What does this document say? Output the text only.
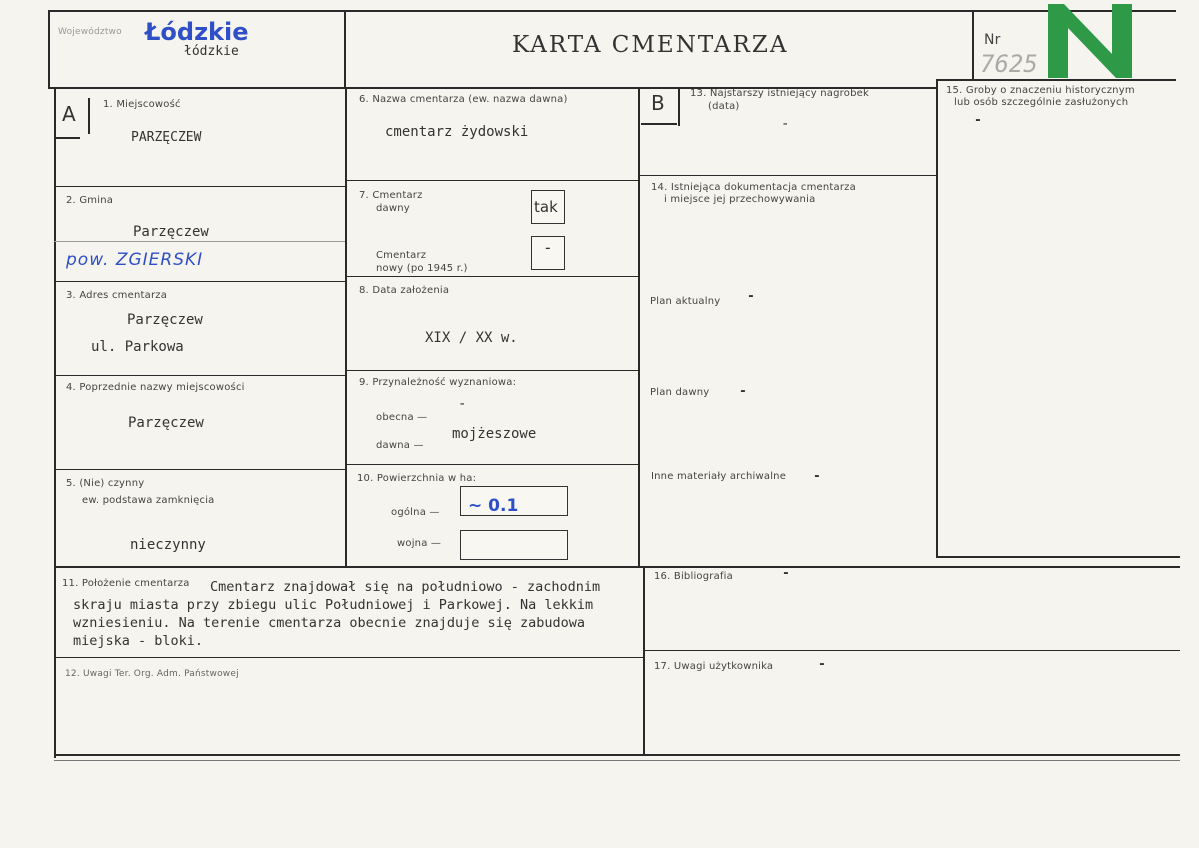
Województwo Łódzkie
łódzkie	KARTA CMENTARZA	Nr
7625
A	1. Miejscowość
PARZĘCZEW
2. Gmina
Parzęczew
pow. ZGIERSKI
3. Adres cmentarza
Parzęczew
ul. Parkowa
4. Poprzednie nazwy miejscowości
Parzęczew
5. (Nie) czynny
ew. podstawa zamknięcia
nieczynny
6. Nazwa cmentarza (ew. nazwa dawna)
cmentarz żydowski
7. Cmentarz
dawny	tak
Cmentarz
nowy (po 1945 r.)
-
8. Data założenia
XIX / XX w.
9. Przynależność wyznaniowa:
obecna —
-
dawna —
mojżeszowe
10. Powierzchnia w ha:
ogólna — ~ 0.1
wojna —
B	13. Najstarszy istniejący nagrobek
(data)
-
14. Istniejąca dokumentacja cmentarza
i miejsce jej przechowywania
Plan aktualny -
Plan dawny -
Inne materiały archiwalne -
15. Groby o znaczeniu historycznym
lub osób szczególnie zasłużonych
-
11. Położenie cmentarza Cmentarz znajdował się na południowo - zachodnim
skraju miasta przy zbiegu ulic Południowej i Parkowej. Na lekkim
wzniesieniu. Na terenie cmentarza obecnie znajduje się zabudowa
miejska - bloki.
12. Uwagi Ter. Org. Adm. Państwowej
16. Bibliografia	-
17. Uwagi użytkownika	-
